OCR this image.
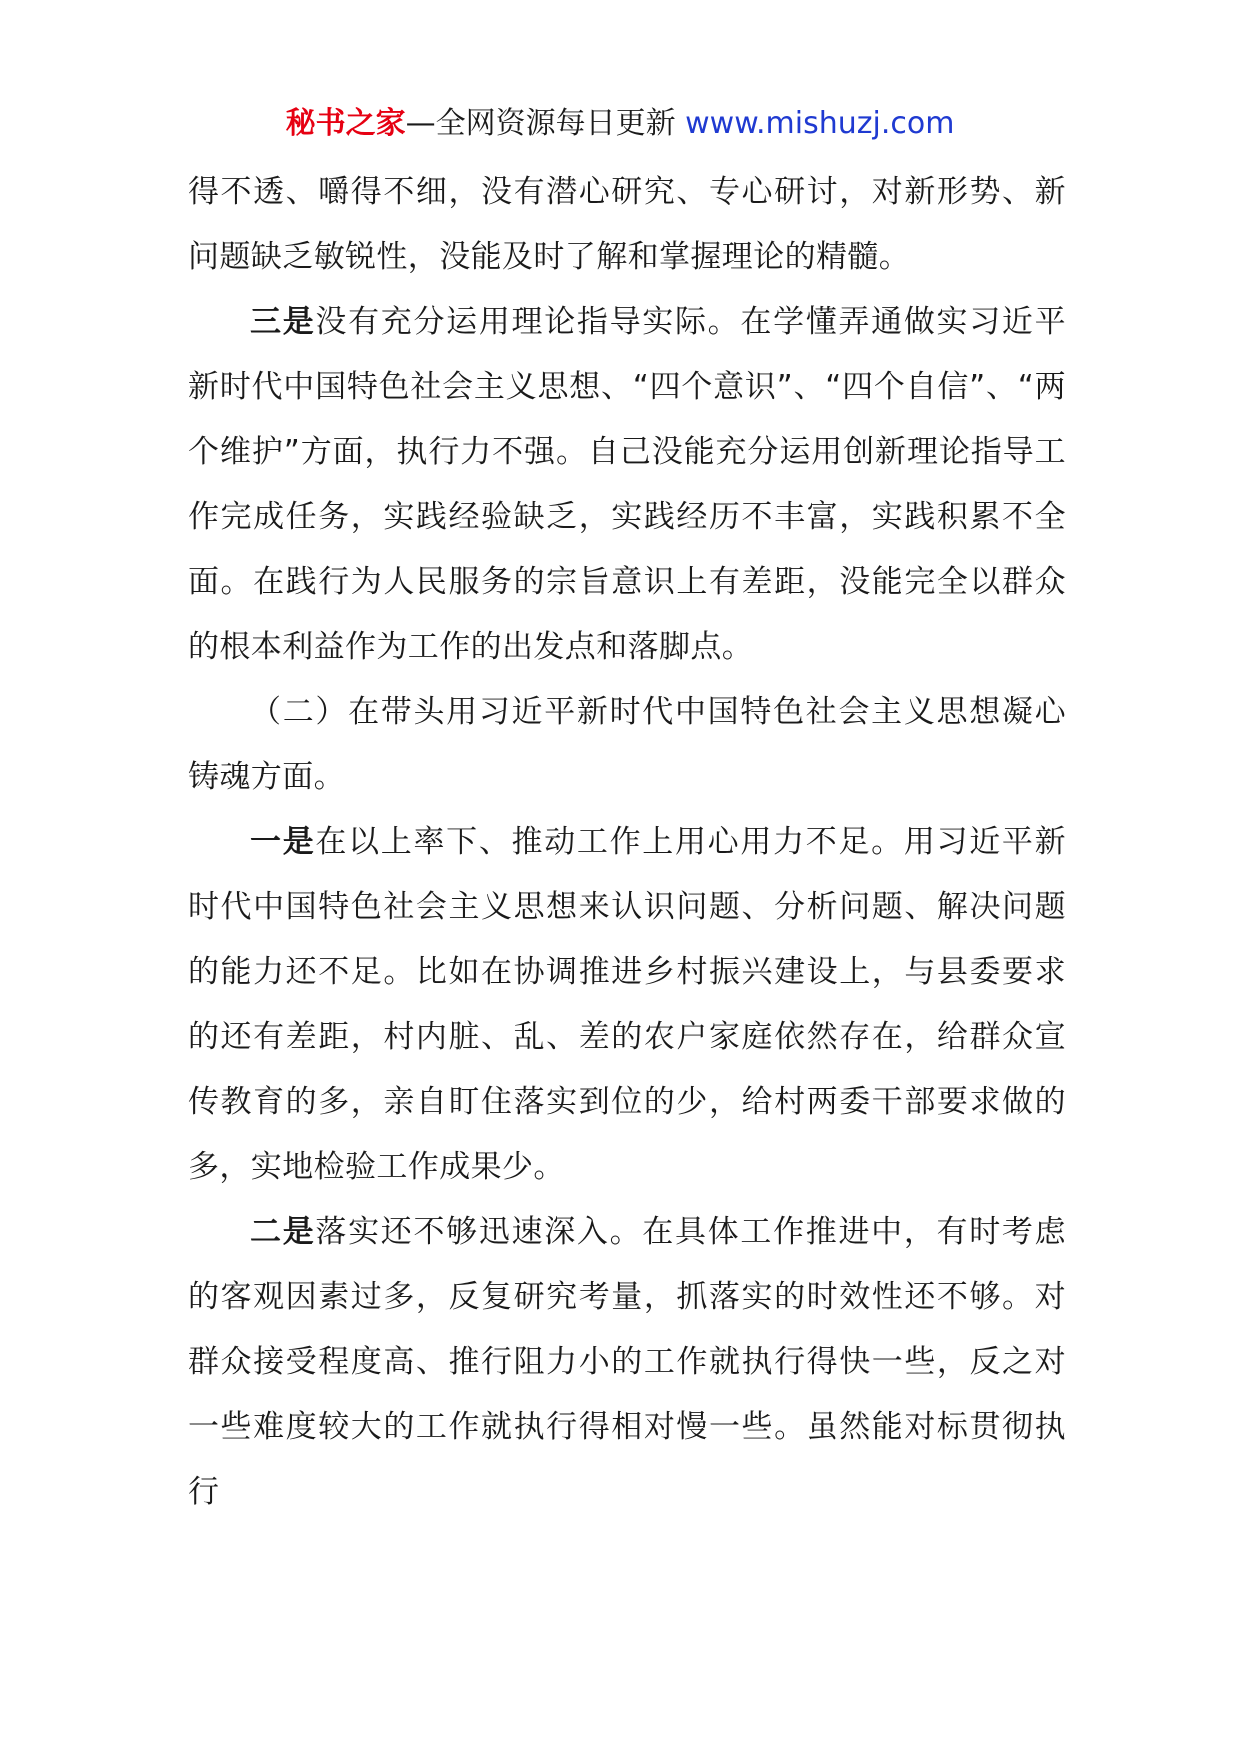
秘书之家—全网资源每日更新 www.mishuzj.com

得不透、嚼得不细，没有潜心研究、专心研讨，对新形势、新问题缺乏敏锐性，没能及时了解和掌握理论的精髓。

三是没有充分运用理论指导实际。在学懂弄通做实习近平新时代中国特色社会主义思想、“四个意识”、“四个自信”、“两个维护”方面，执行力不强。自己没能充分运用创新理论指导工作完成任务，实践经验缺乏，实践经历不丰富，实践积累不全面。在践行为人民服务的宗旨意识上有差距，没能完全以群众的根本利益作为工作的出发点和落脚点。

（二）在带头用习近平新时代中国特色社会主义思想凝心铸魂方面。

一是在以上率下、推动工作上用心用力不足。用习近平新时代中国特色社会主义思想来认识问题、分析问题、解决问题的能力还不足。比如在协调推进乡村振兴建设上，与县委要求的还有差距，村内脏、乱、差的农户家庭依然存在，给群众宣传教育的多，亲自盯住落实到位的少，给村两委干部要求做的多，实地检验工作成果少。

二是落实还不够迅速深入。在具体工作推进中，有时考虑的客观因素过多，反复研究考量，抓落实的时效性还不够。对群众接受程度高、推行阻力小的工作就执行得快一些，反之对一些难度较大的工作就执行得相对慢一些。虽然能对标贯彻执行
